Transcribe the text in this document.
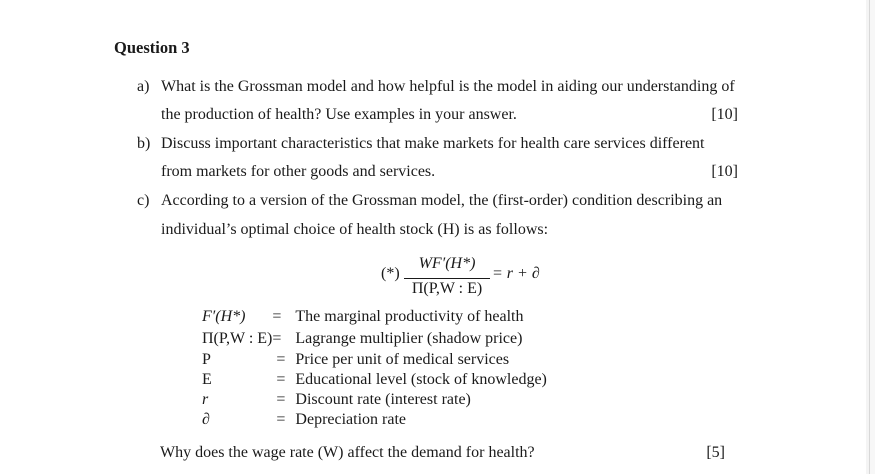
Question 3
a) What is the Grossman model and how helpful is the model in aiding our understanding of
the production of health? Use examples in your answer.	[10]
b) Discuss important characteristics that make markets for health care services different
from markets for other goods and services.	[10]
c) According to a version of the Grossman model, the (first-order) condition describing an
individual’s optimal choice of health stock (H) is as follows:
(*)
WF′(H*)
Π(P,W : E)
= r + ∂
F′(H*)	=	The marginal productivity of health
Π(P,W : E)	=	Lagrange multiplier (shadow price)
P	=	Price per unit of medical services
E	=	Educational level (stock of knowledge)
r	=	Discount rate (interest rate)
∂	=	Depreciation rate
Why does the wage rate (W) affect the demand for health?	[5]
